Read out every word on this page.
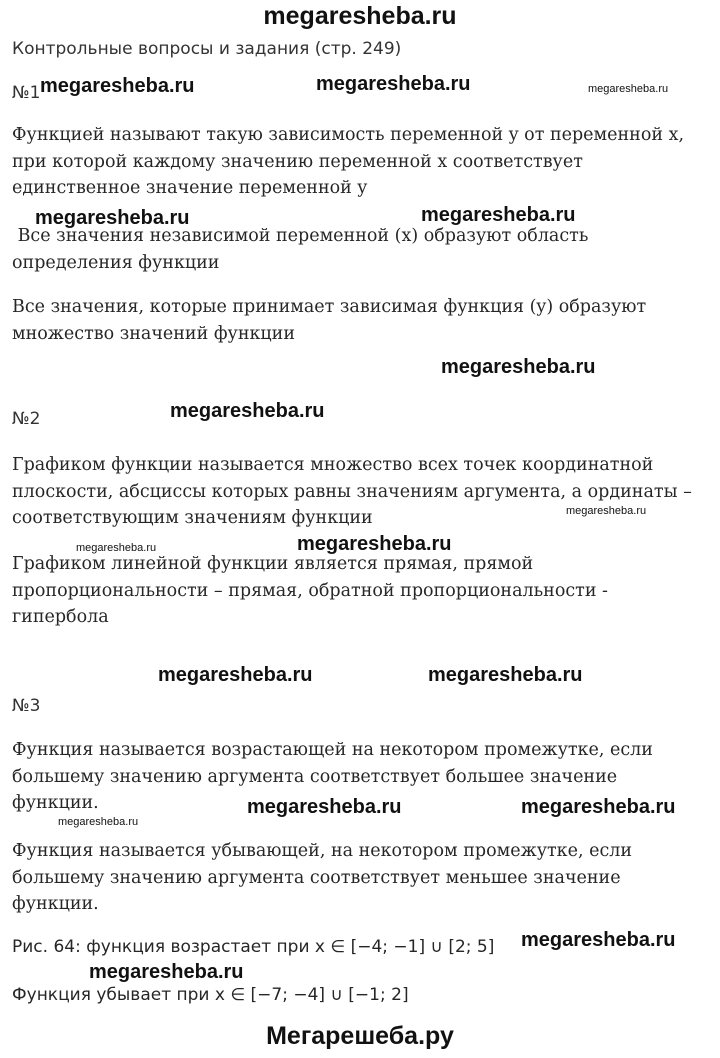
megaresheba.ru
Контрольные вопросы и задания (стр. 249)
№1
Функцией называют такую зависимость переменной y от переменной x,
при которой каждому значению переменной x соответствует
единственное значение переменной y
Все значения независимой переменной (x) образуют область
определения функции
Все значения, которые принимает зависимая функция (y) образуют
множество значений функции
№2
Графиком функции называется множество всех точек координатной
плоскости, абсциссы которых равны значениям аргумента, а ординаты –
соответствующим значениям функции
Графиком линейной функции является прямая, прямой
пропорциональности – прямая, обратной пропорциональности -
гипербола
№3
Функция называется возрастающей на некотором промежутке, если
большему значению аргумента соответствует большее значение
функции.
Функция называется убывающей, на некотором промежутке, если
большему значению аргумента соответствует меньшее значение
функции.
Рис. 64: функция возрастает при x ∈ [−4; −1] ∪ [2; 5]
Функция убывает при x ∈ [−7; −4] ∪ [−1; 2]
megaresheba.ru	megaresheba.ru	megaresheba.ru
megaresheba.ru	megaresheba.ru
megaresheba.ru
megaresheba.ru
megaresheba.ru
megaresheba.ru	megaresheba.ru
megaresheba.ru	megaresheba.ru
megaresheba.ru	megaresheba.ru
megaresheba.ru
megaresheba.ru
megaresheba.ru
Мегарешеба.ру
